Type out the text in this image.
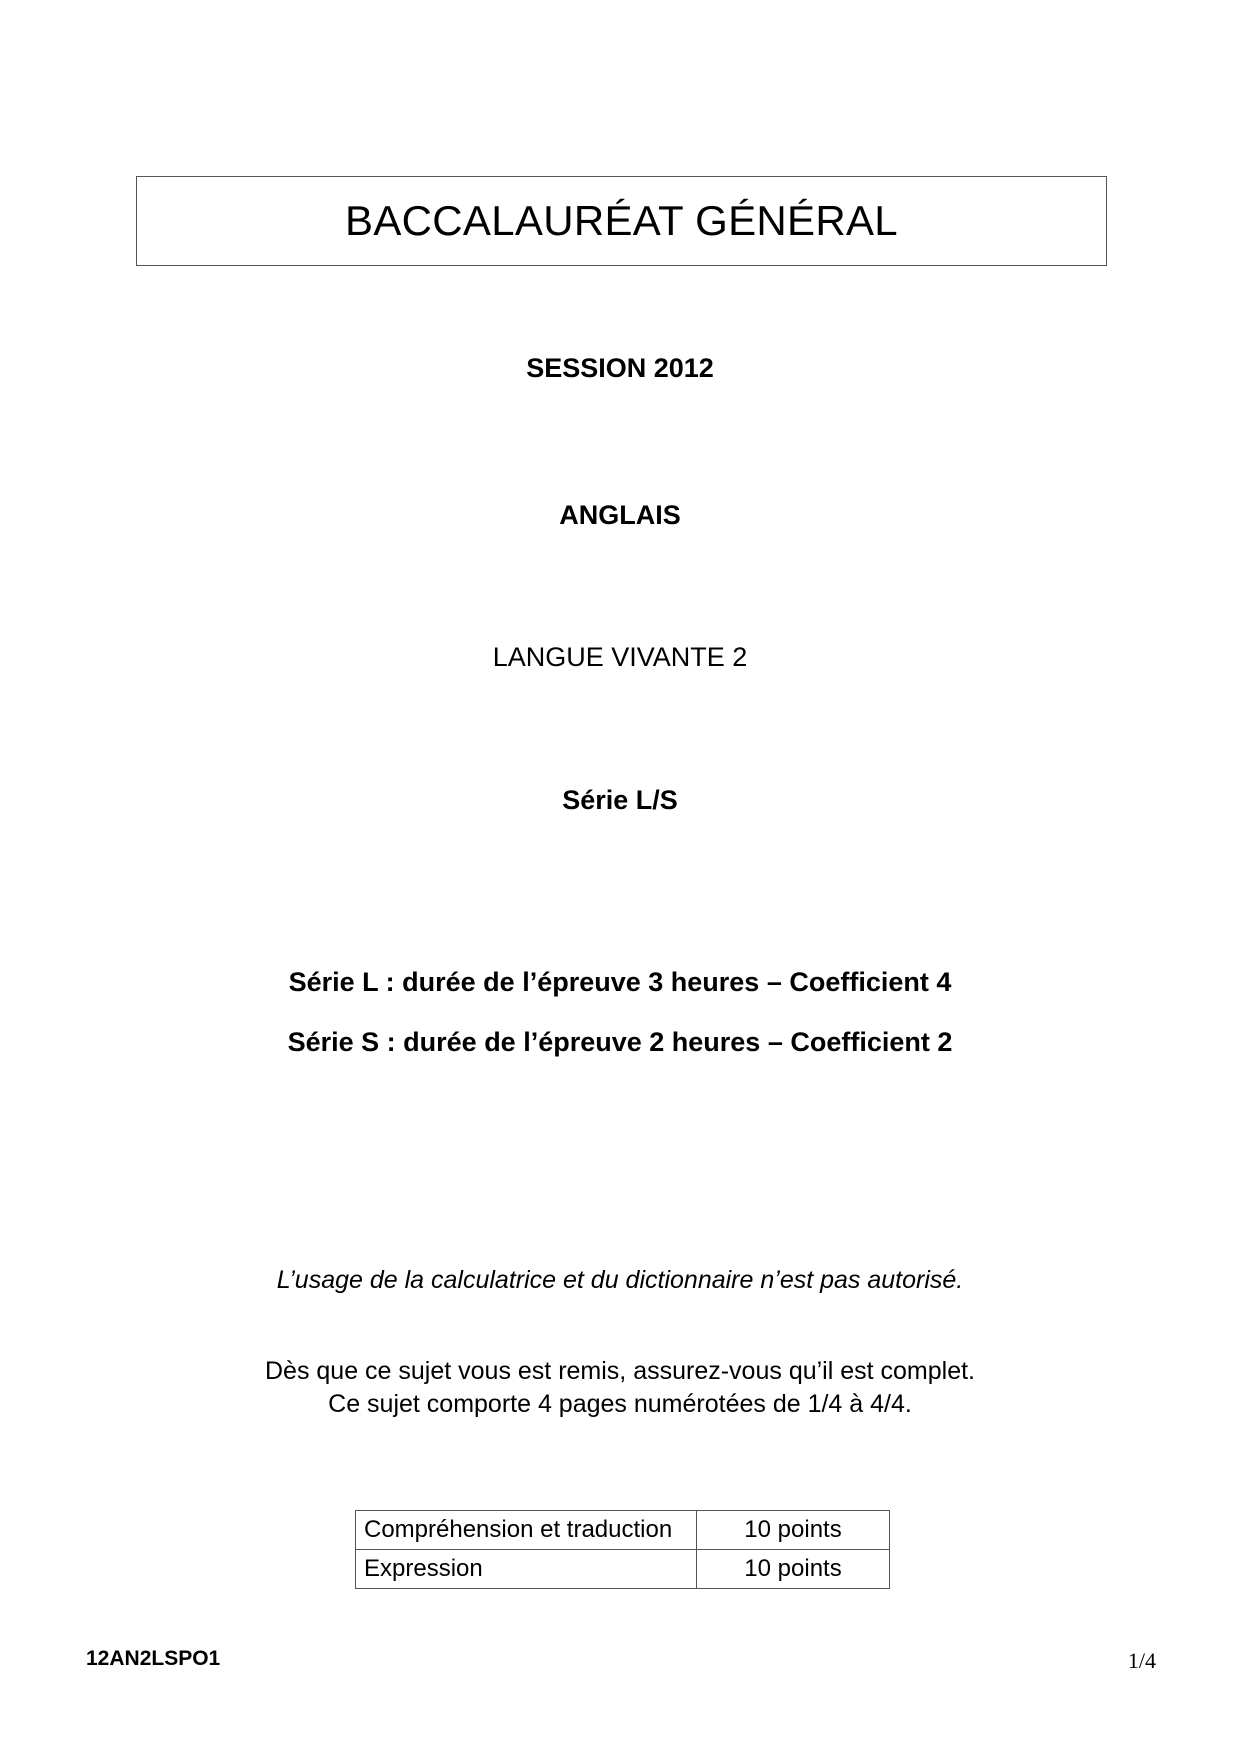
BACCALAURÉAT GÉNÉRAL
SESSION 2012
ANGLAIS
LANGUE VIVANTE 2
Série L/S
Série L : durée de l’épreuve 3 heures – Coefficient 4
Série S : durée de l’épreuve 2 heures – Coefficient 2
L’usage de la calculatrice et du dictionnaire n’est pas autorisé.
Dès que ce sujet vous est remis, assurez-vous qu’il est complet.
Ce sujet comporte 4 pages numérotées de 1/4 à 4/4.
Compréhension et traduction	10 points
Expression	10 points
12AN2LSPO1	1/4
